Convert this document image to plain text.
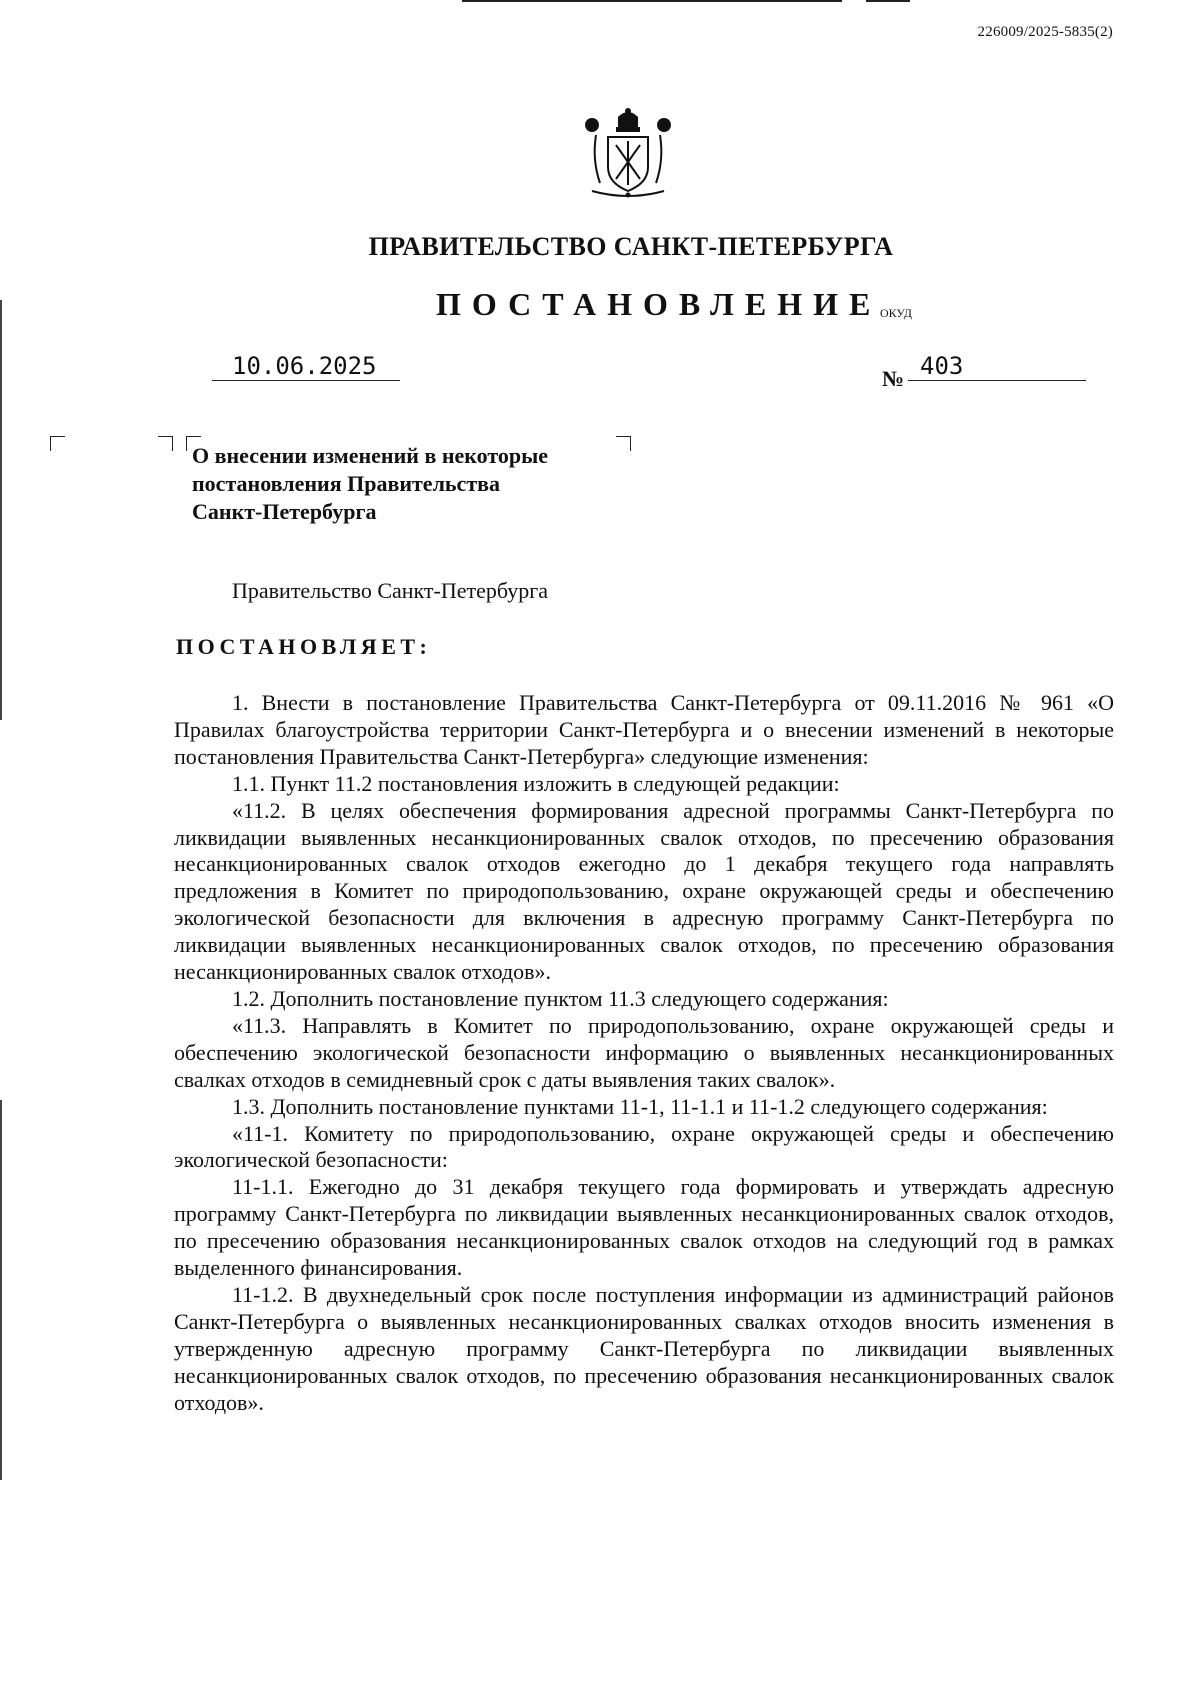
226009/2025-5835(2)
ПРАВИТЕЛЬСТВО САНКТ-ПЕТЕРБУРГА
ПОСТАНОВЛЕНИЕ
ОКУД
10.06.2025	№ 403
О внесении изменений в некоторые
постановления Правительства
Санкт-Петербурга
Правительство Санкт-Петербурга
ПОСТАНОВЛЯЕТ:

1. Внести в постановление Правительства Санкт-Петербурга от 09.11.2016 № 961 «О Правилах благоустройства территории Санкт-Петербурга и о внесении изменений в некоторые постановления Правительства Санкт-Петербурга» следующие изменения:

1.1. Пункт 11.2 постановления изложить в следующей редакции:

«11.2. В целях обеспечения формирования адресной программы Санкт-Петербурга по ликвидации выявленных несанкционированных свалок отходов, по пресечению образования несанкционированных свалок отходов ежегодно до 1 декабря текущего года направлять предложения в Комитет по природопользованию, охране окружающей среды и обеспечению экологической безопасности для включения в адресную программу Санкт-Петербурга по ликвидации выявленных несанкционированных свалок отходов, по пресечению образования несанкционированных свалок отходов».

1.2. Дополнить постановление пунктом 11.3 следующего содержания:

«11.3. Направлять в Комитет по природопользованию, охране окружающей среды и обеспечению экологической безопасности информацию о выявленных несанкционированных свалках отходов в семидневный срок с даты выявления таких свалок».

1.3. Дополнить постановление пунктами 11-1, 11-1.1 и 11-1.2 следующего содержания:

«11-1. Комитету по природопользованию, охране окружающей среды и обеспечению экологической безопасности:

11-1.1. Ежегодно до 31 декабря текущего года формировать и утверждать адресную программу Санкт-Петербурга по ликвидации выявленных несанкционированных свалок отходов, по пресечению образования несанкционированных свалок отходов на следующий год в рамках выделенного финансирования.

11-1.2. В двухнедельный срок после поступления информации из администраций районов Санкт-Петербурга о выявленных несанкционированных свалках отходов вносить изменения в утвержденную адресную программу Санкт-Петербурга по ликвидации выявленных несанкционированных свалок отходов, по пресечению образования несанкционированных свалок отходов».
